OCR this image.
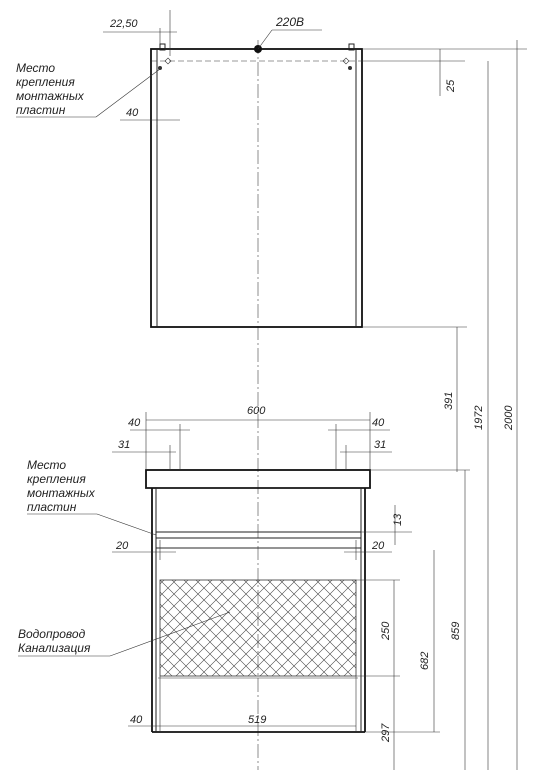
220В
22,50
40
Место
крепления
монтажных
пластин
25
391
1972 2000
600
40	40
31	31
Место
крепления
монтажных
пластин
13
20	20
Водопровод
Канализация
250	859
682
297
40	519
